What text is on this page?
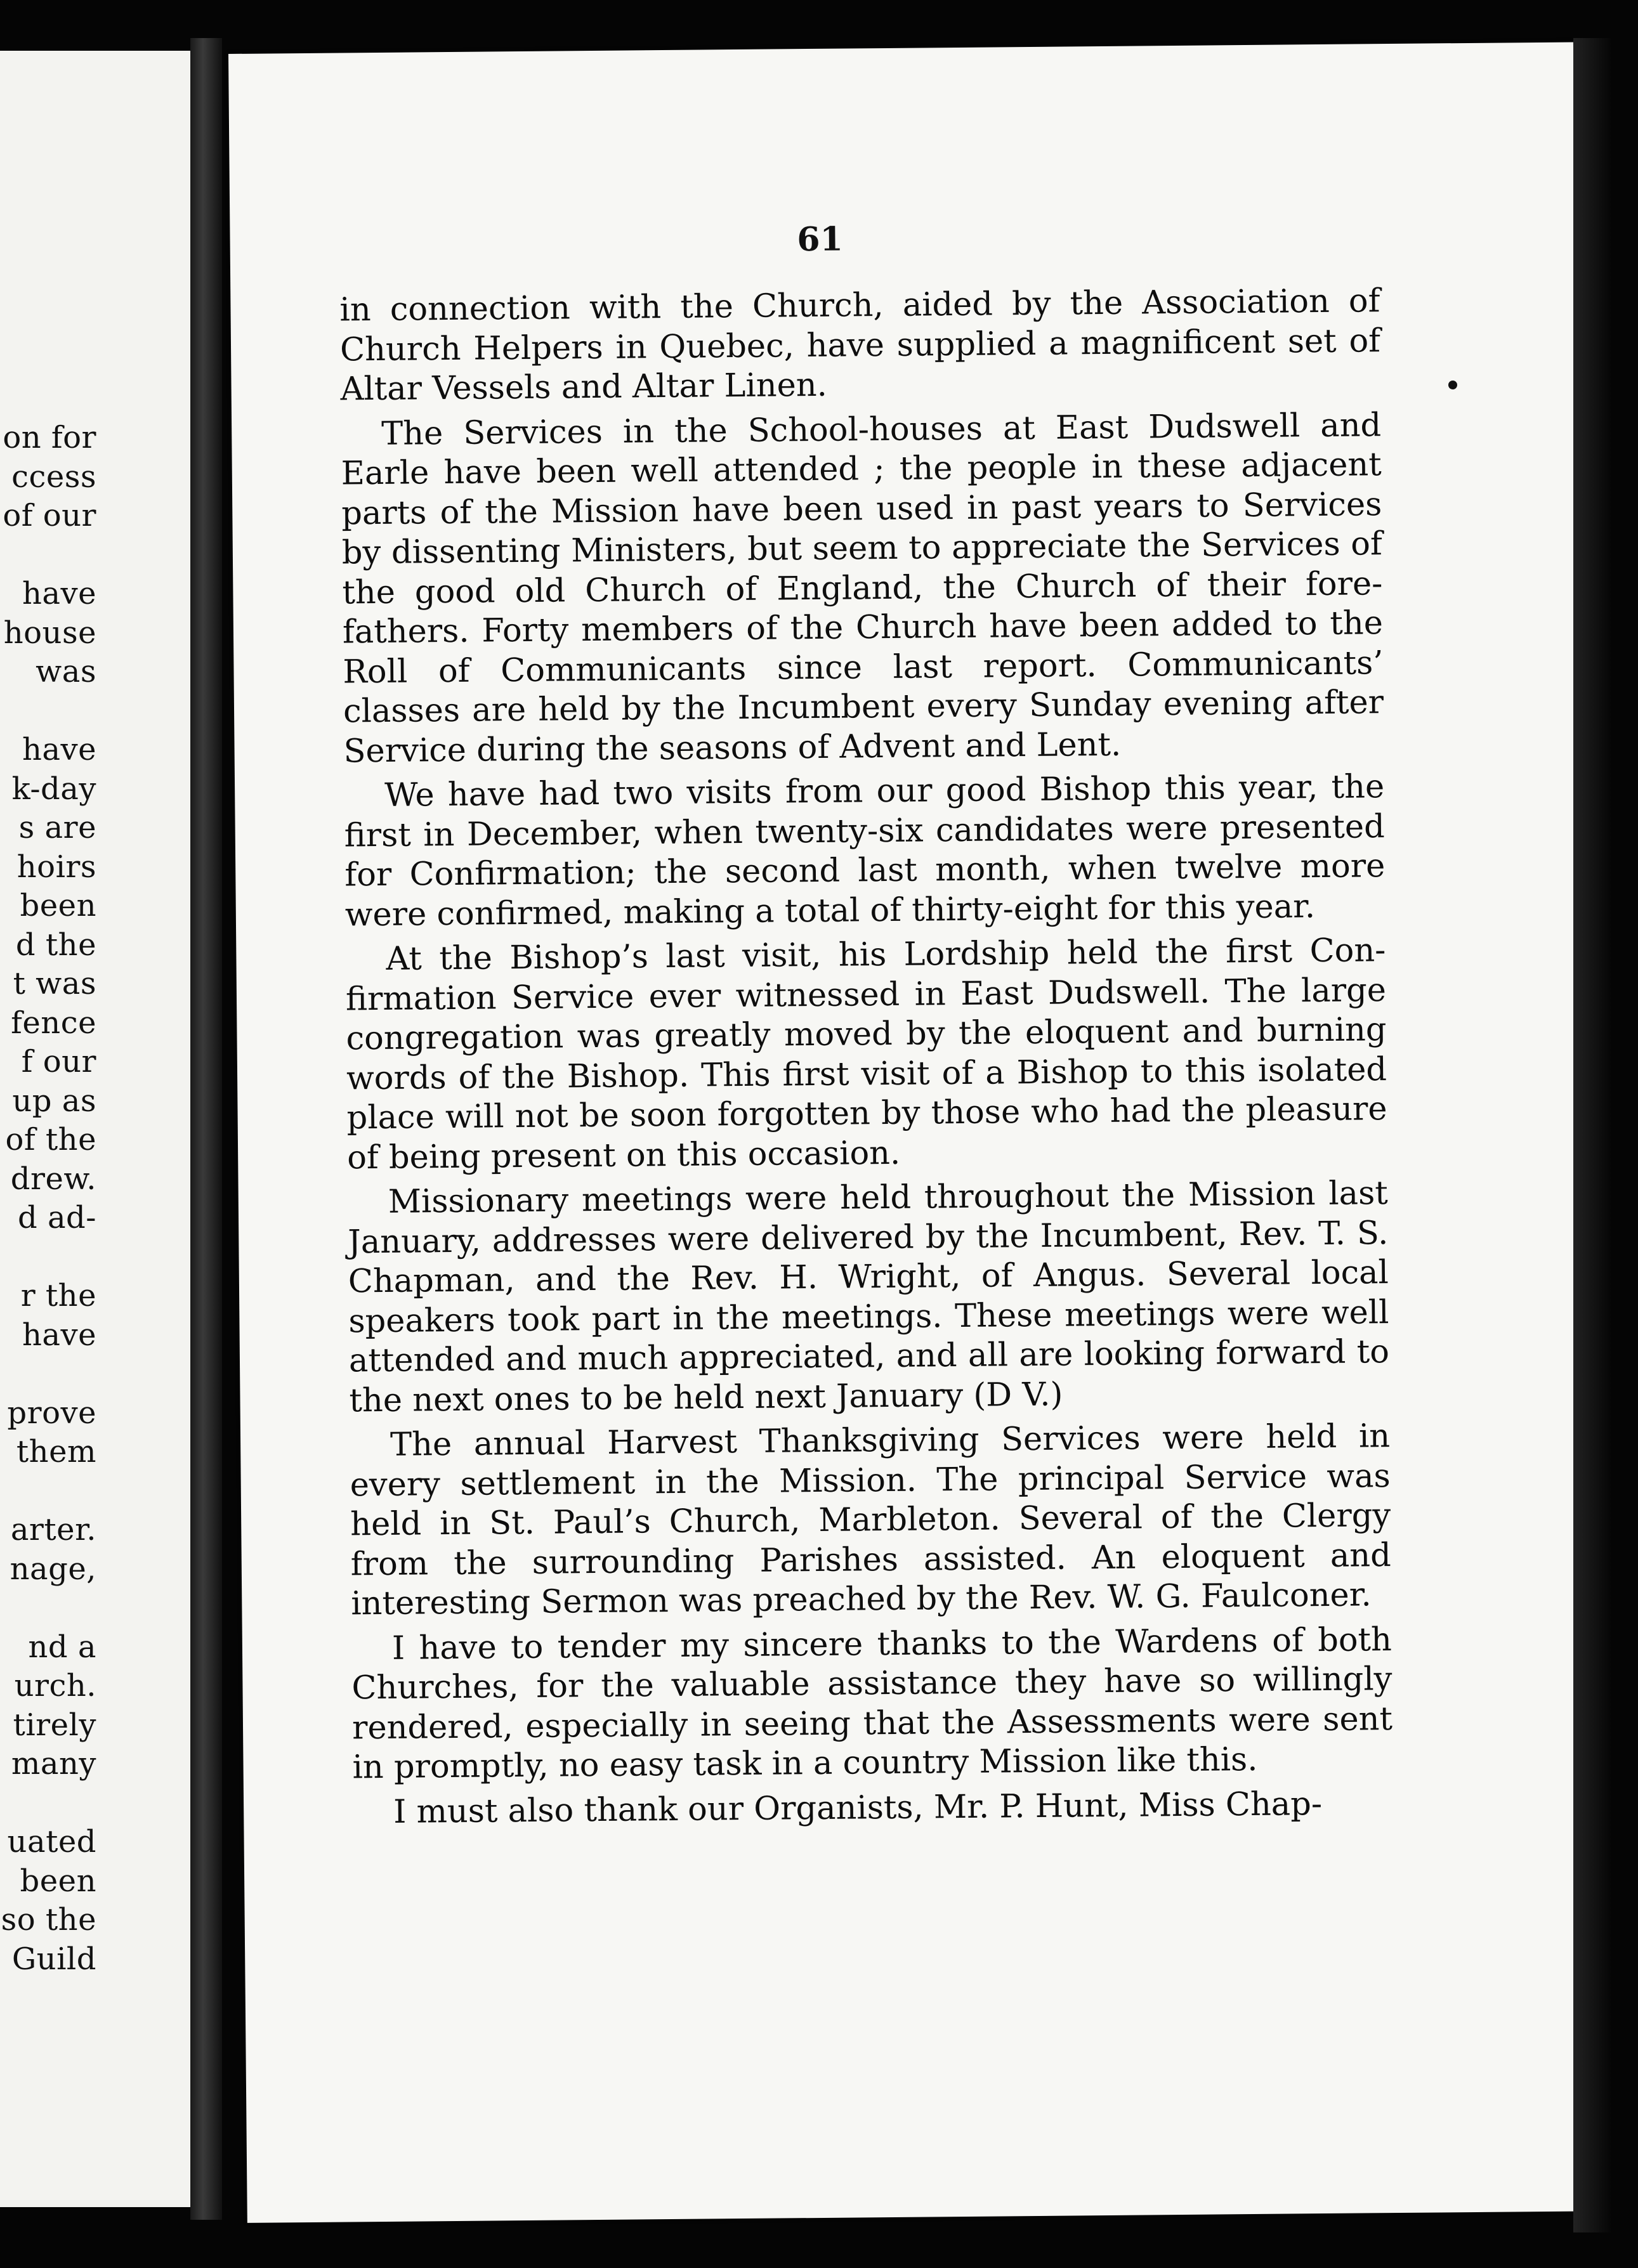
on for
ccess
of our
have
house
was
have
k-day
s are
hoirs
been
d the
t was
fence
f our
up as
of the
drew.
d ad-
r the
have
prove
them
arter.
nage,
nd a
urch.
tirely
many
uated
been
so the
Guild
61

in connection with the Church, aided by the Association of Church Helpers in Quebec, have supplied a magnificent set of Altar Vessels and Altar Linen.

The Services in the School-houses at East Dudswell and Earle have been well attended ; the people in these adjacent parts of the Mission have been used in past years to Services by dissenting Ministers, but seem to appreciate the Services of the good old Church of England, the Church of their fore-fathers. Forty members of the Church have been added to the Roll of Communicants since last report. Communicants’ classes are held by the Incumbent every Sunday evening after Service during the seasons of Advent and Lent.

We have had two visits from our good Bishop this year, the first in December, when twenty-six candidates were presented for Confirmation; the second last month, when twelve more were confirmed, making a total of thirty-eight for this year.

At the Bishop’s last visit, his Lordship held the first Con-firmation Service ever witnessed in East Dudswell. The large congregation was greatly moved by the eloquent and burning words of the Bishop. This first visit of a Bishop to this isolated place will not be soon forgotten by those who had the pleasure of being present on this occasion.

Missionary meetings were held throughout the Mission last January, addresses were delivered by the Incumbent, Rev. T. S. Chapman, and the Rev. H. Wright, of Angus. Several local speakers took part in the meetings. These meetings were well attended and much appreciated, and all are looking forward to the next ones to be held next January (D V.)

The annual Harvest Thanksgiving Services were held in every settlement in the Mission. The principal Service was held in St. Paul’s Church, Marbleton. Several of the Clergy from the surrounding Parishes assisted. An eloquent and interesting Sermon was preached by the Rev. W. G. Faulconer.

I have to tender my sincere thanks to the Wardens of both Churches, for the valuable assistance they have so willingly rendered, especially in seeing that the Assessments were sent in promptly, no easy task in a country Mission like this.

I must also thank our Organists, Mr. P. Hunt, Miss Chap-
